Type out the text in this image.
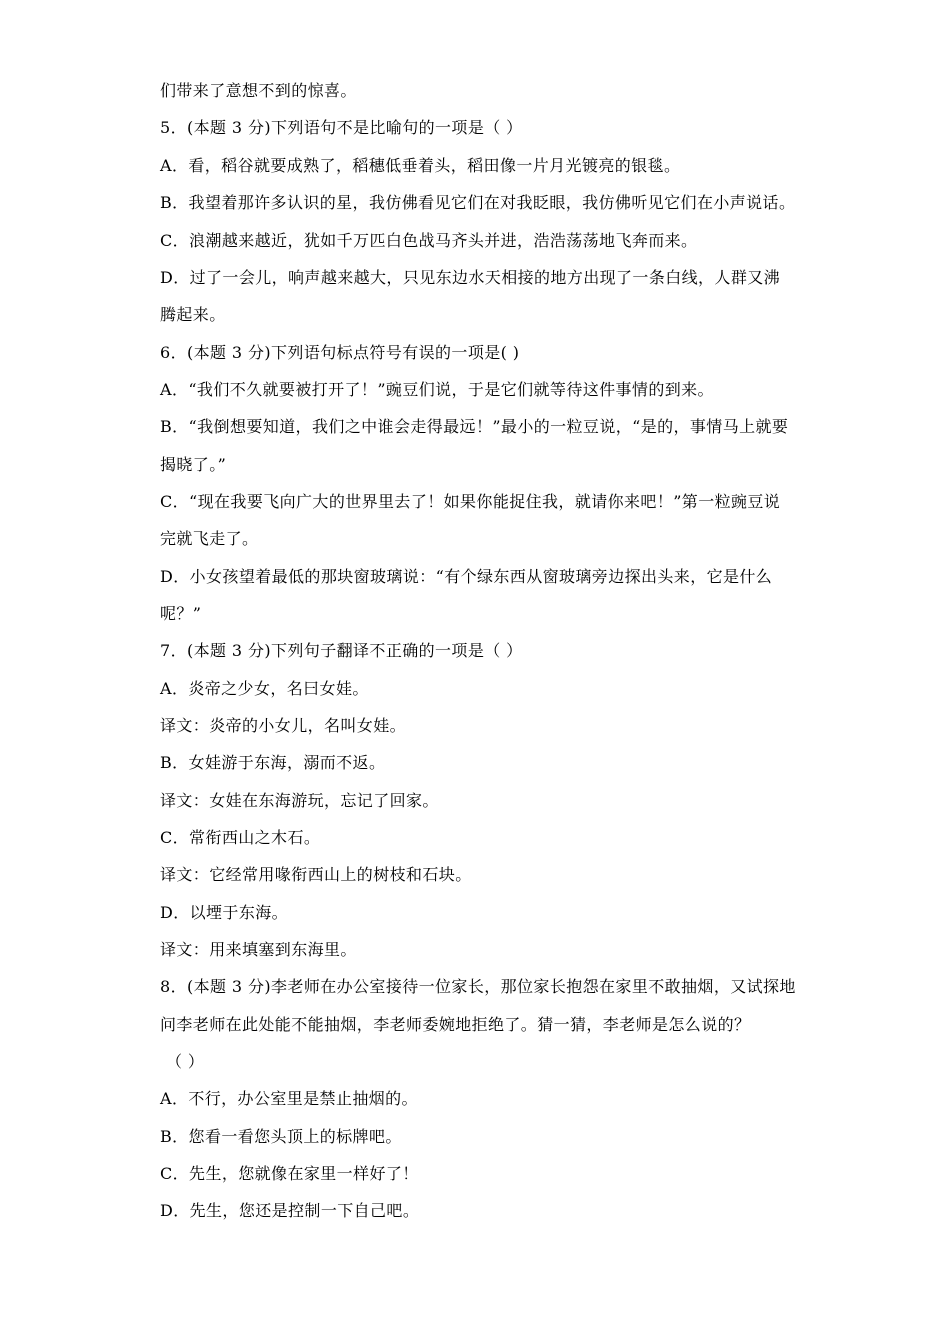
们带来了意想不到的惊喜。
5．(本题 3 分)下列语句不是比喻句的一项是（ ）
A．看，稻谷就要成熟了，稻穗低垂着头，稻田像一片月光镀亮的银毯。
B．我望着那许多认识的星，我仿佛看见它们在对我眨眼，我仿佛听见它们在小声说话。
C．浪潮越来越近，犹如千万匹白色战马齐头并进，浩浩荡荡地飞奔而来。
D．过了一会儿，响声越来越大，只见东边水天相接的地方出现了一条白线，人群又沸
腾起来。
6．(本题 3 分)下列语句标点符号有误的一项是( )
A．“我们不久就要被打开了！”豌豆们说，于是它们就等待这件事情的到来。
B．“我倒想要知道，我们之中谁会走得最远！”最小的一粒豆说，“是的，事情马上就要
揭晓了。”
C．“现在我要飞向广大的世界里去了！如果你能捉住我，就请你来吧！”第一粒豌豆说
完就飞走了。
D．小女孩望着最低的那块窗玻璃说：“有个绿东西从窗玻璃旁边探出头来，它是什么
呢？”
7．(本题 3 分)下列句子翻译不正确的一项是（ ）
A．炎帝之少女，名曰女娃。
译文：炎帝的小女儿，名叫女娃。
B．女娃游于东海，溺而不返。
译文：女娃在东海游玩，忘记了回家。
C．常衔西山之木石。
译文：它经常用喙衔西山上的树枝和石块。
D．以堙于东海。
译文：用来填塞到东海里。
8．(本题 3 分)李老师在办公室接待一位家长，那位家长抱怨在家里不敢抽烟，又试探地
问李老师在此处能不能抽烟，李老师委婉地拒绝了。猜一猜，李老师是怎么说的？
（ ）
A．不行，办公室里是禁止抽烟的。
B．您看一看您头顶上的标牌吧。
C．先生，您就像在家里一样好了！
D．先生，您还是控制一下自己吧。
